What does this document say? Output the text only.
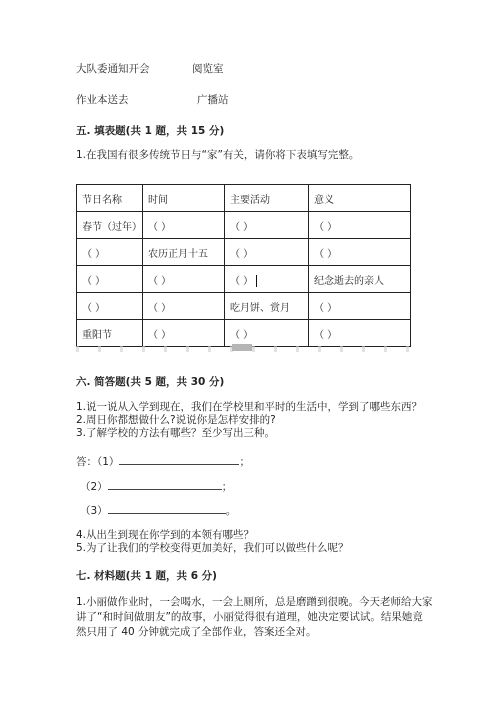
大队委通知开会	阅览室
作业本送去	广播站
五. 填表题(共 1 题，共 15 分)
1.在我国有很多传统节日与“家”有关，请你将下表填写完整。
节日名称	时间	主要活动	意义
春节（过年）	（ ）	（ ）	（ ）
（ ）	农历正月十五	（ ）	（ ）
（ ）	（ ）	（ ）	纪念逝去的亲人
（ ）	（ ）	吃月饼、赏月	（ ）
重阳节	（ ）	（ ）	（ ）
六. 简答题(共 5 题，共 30 分)
1.说一说从入学到现在，我们在学校里和平时的生活中，学到了哪些东西？
2.周日你都想做什么?说说你是怎样安排的?
3.了解学校的方法有哪些？至少写出三种。
答：（1）	；
（2）	；
（3）	。
4.从出生到现在你学到的本领有哪些？
5.为了让我们的学校变得更加美好，我们可以做些什么呢？
七. 材料题(共 1 题，共 6 分)
1.小丽做作业时，一会喝水，一会上厕所，总是磨蹭到很晚。今天老师给大家
讲了“和时间做朋友”的故事，小丽觉得很有道理，她决定要试试。结果她竟
然只用了 40 分钟就完成了全部作业，答案还全对。
